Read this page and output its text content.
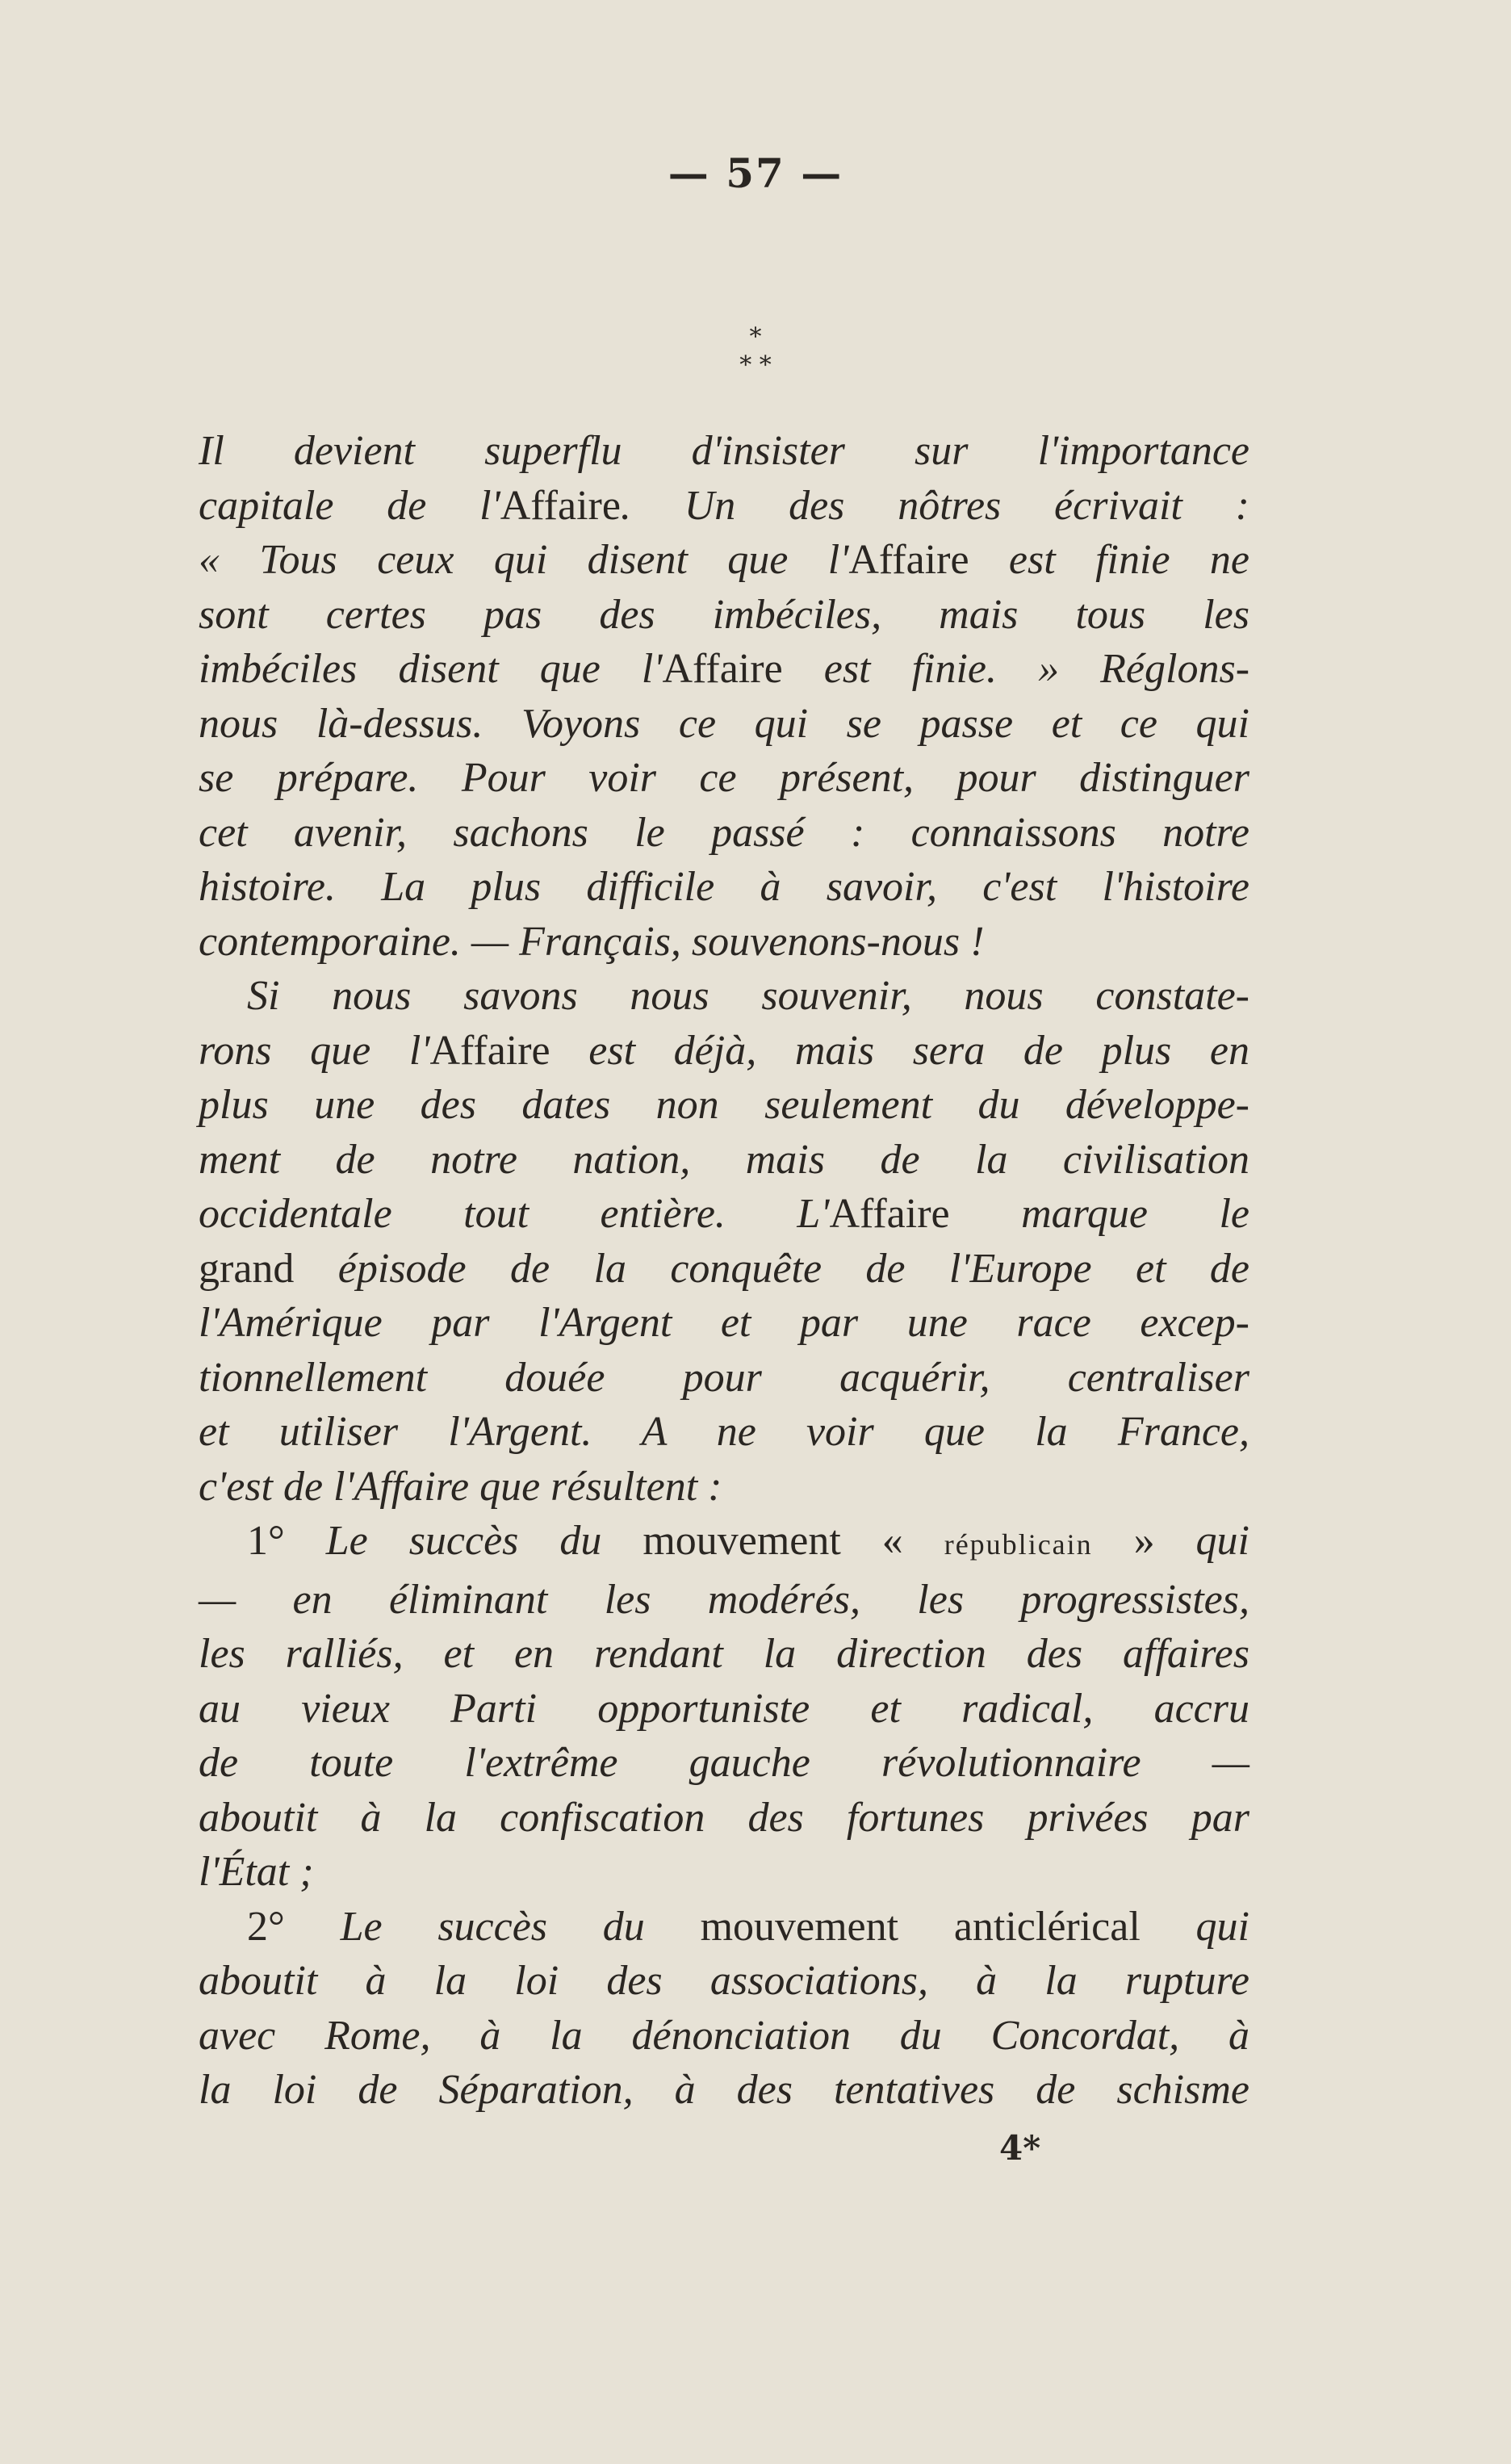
— 57 —
*
* *
Il devient superflu d'insister sur l'importance
capitale de l'Affaire. Un des nôtres écrivait :
« Tous ceux qui disent que l'Affaire est finie ne
sont certes pas des imbéciles, mais tous les
imbéciles disent que l'Affaire est finie. » Réglons-
nous là-dessus. Voyons ce qui se passe et ce qui
se prépare. Pour voir ce présent, pour distinguer
cet avenir, sachons le passé : connaissons notre
histoire. La plus difficile à savoir, c'est l'histoire
contemporaine. — Français, souvenons-nous !
Si nous savons nous souvenir, nous constate-
rons que l'Affaire est déjà, mais sera de plus en
plus une des dates non seulement du développe-
ment de notre nation, mais de la civilisation
occidentale tout entière. L'Affaire marque le
grand épisode de la conquête de l'Europe et de
l'Amérique par l'Argent et par une race excep-
tionnellement douée pour acquérir, centraliser
et utiliser l'Argent. A ne voir que la France,
c'est de l'Affaire que résultent :
1° Le succès du mouvement « républicain » qui
— en éliminant les modérés, les progressistes,
les ralliés, et en rendant la direction des affaires
au vieux Parti opportuniste et radical, accru
de toute l'extrême gauche révolutionnaire —
aboutit à la confiscation des fortunes privées par
l'État ;
2° Le succès du mouvement anticlérical qui
aboutit à la loi des associations, à la rupture
avec Rome, à la dénonciation du Concordat, à
la loi de Séparation, à des tentatives de schisme
4*
